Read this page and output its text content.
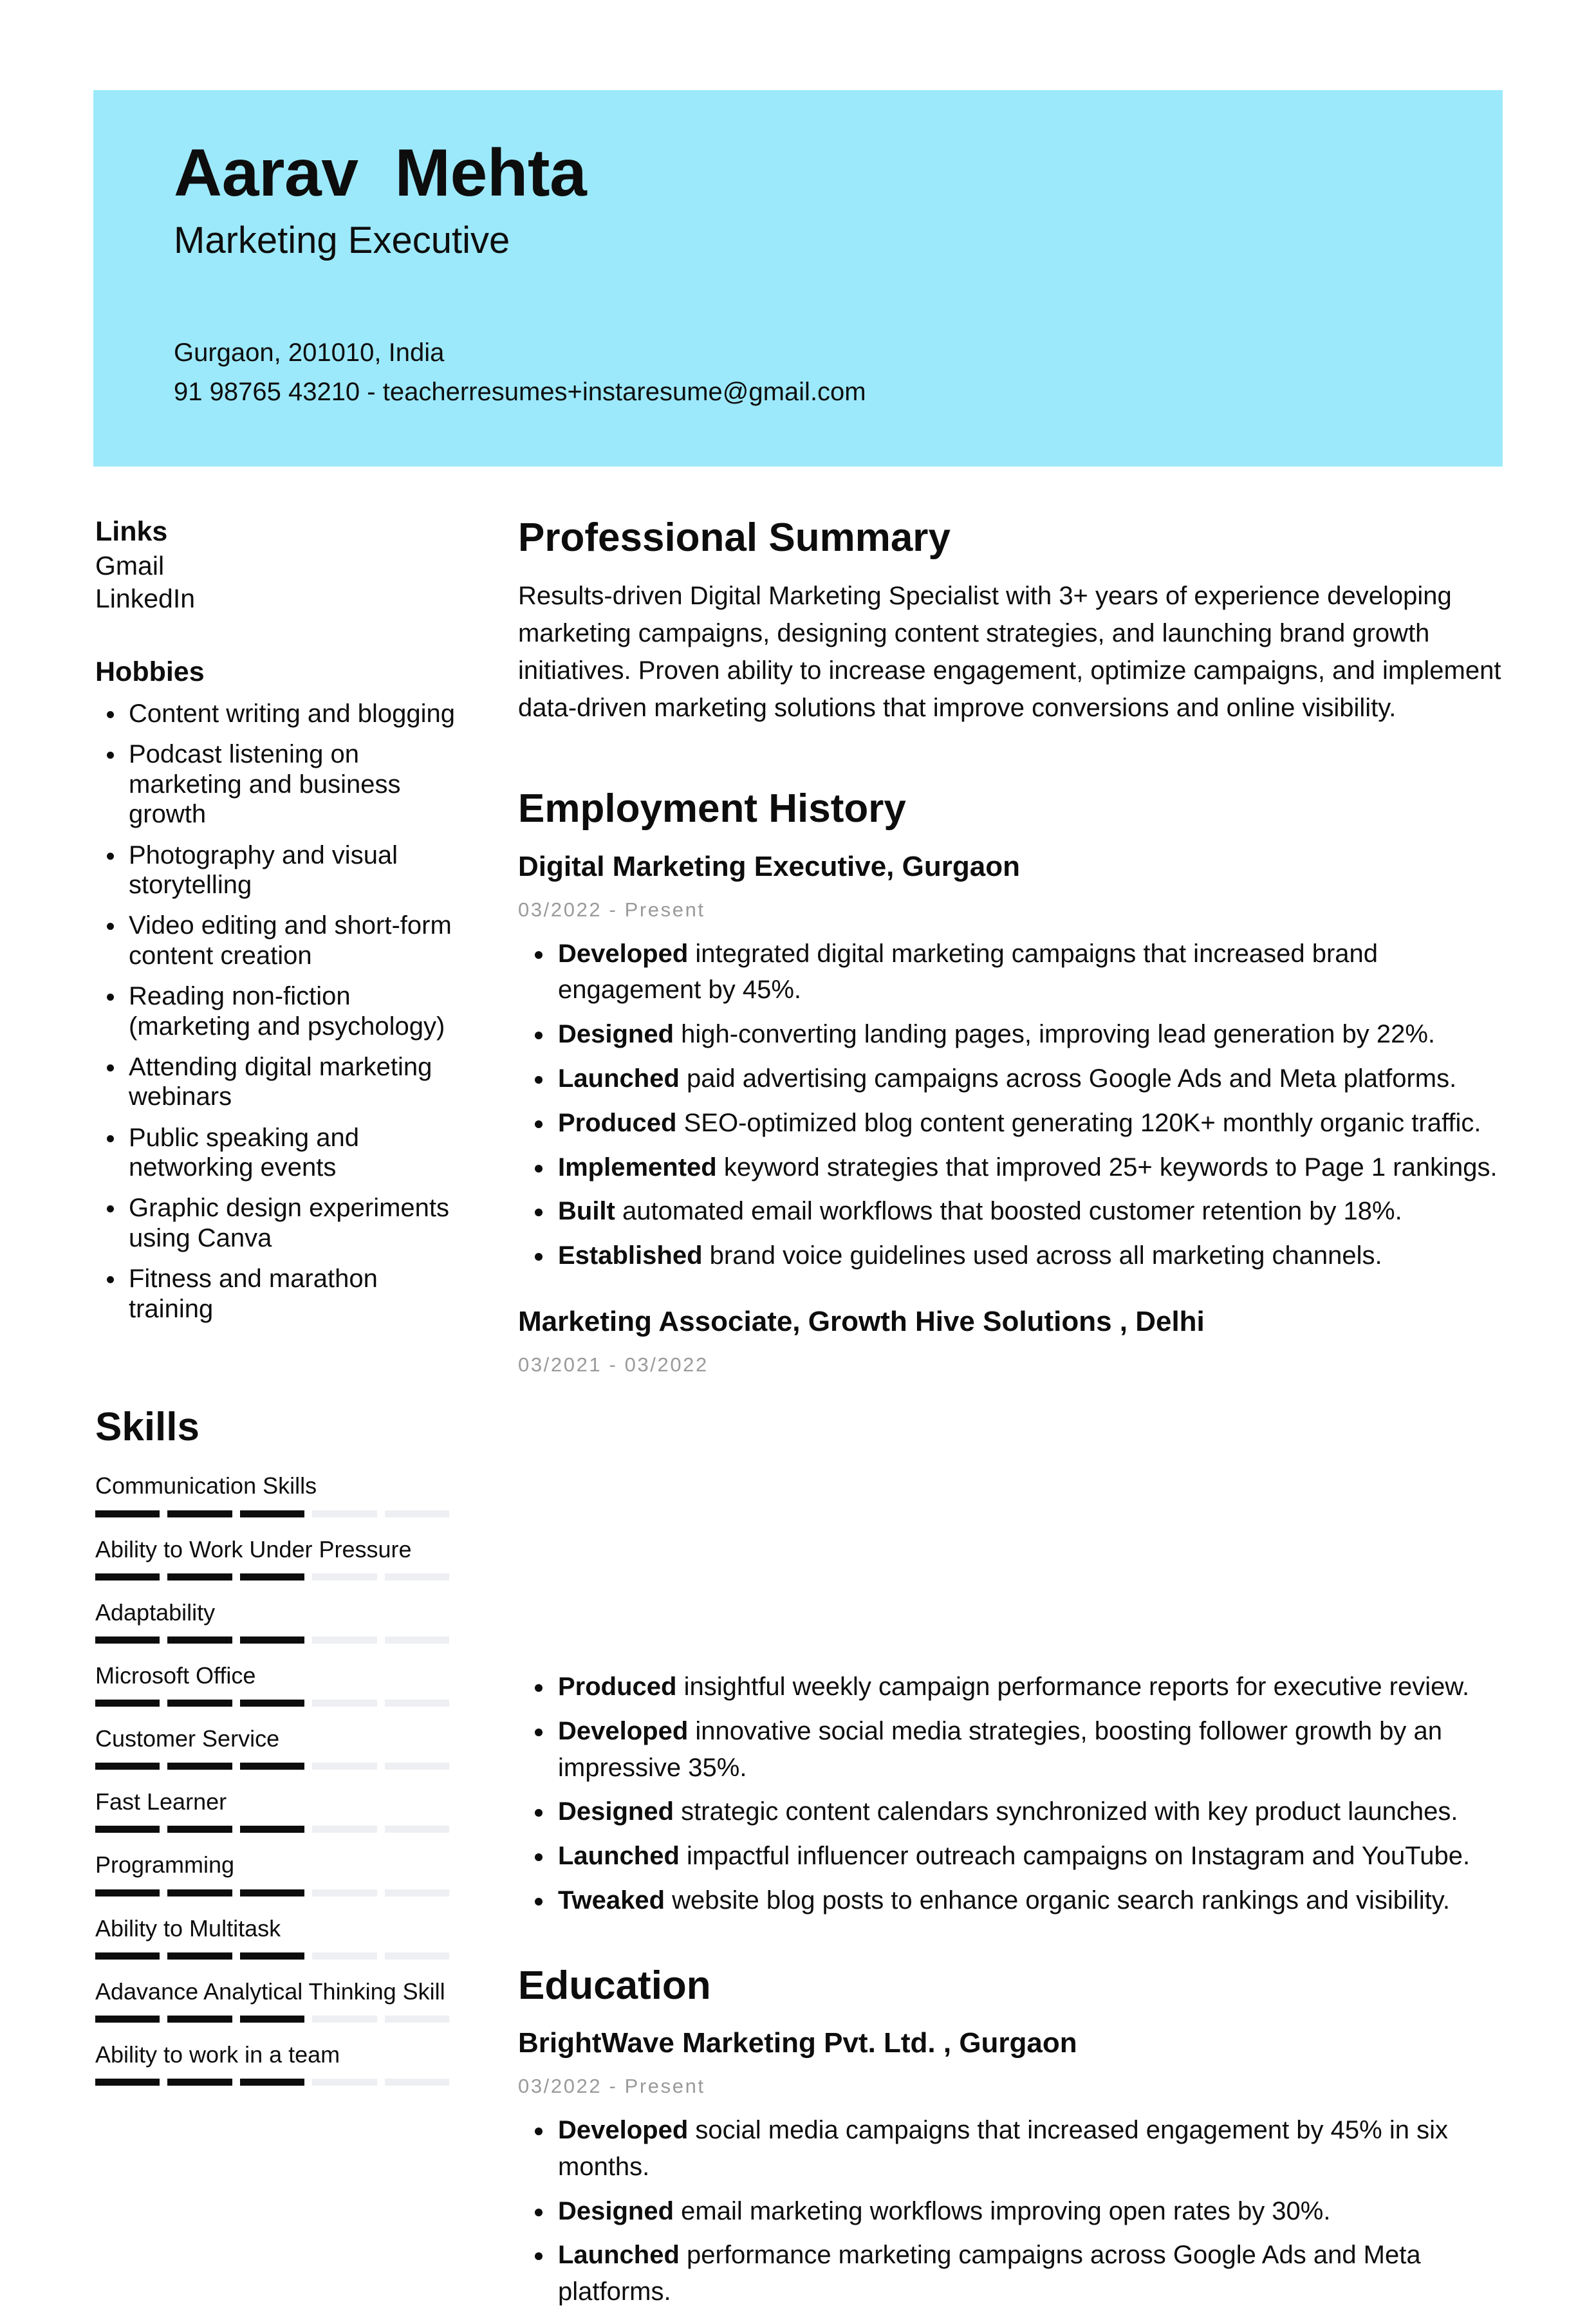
Aarav  Mehta
Marketing Executive
Gurgaon, 201010, India
91 98765 43210 - teacherresumes+instaresume@gmail.com
Links
Gmail
LinkedIn
Hobbies
Content writing and blogging
Podcast listening on marketing and business growth
Photography and visual storytelling
Video editing and short-form content creation
Reading non-fiction (marketing and psychology)
Attending digital marketing webinars
Public speaking and networking events
Graphic design experiments using Canva
Fitness and marathon training
Skills
Communication Skills
Ability to Work Under Pressure
Adaptability
Microsoft Office
Customer Service
Fast Learner
Programming
Ability to Multitask
Adavance Analytical Thinking Skill
Ability to work in a team
Professional Summary

Results-driven Digital Marketing Specialist with 3+ years of experience developing marketing campaigns, designing content strategies, and launching brand growth initiatives. Proven ability to increase engagement, optimize campaigns, and implement data-driven marketing solutions that improve conversions and online visibility.

Employment History
Digital Marketing Executive, Gurgaon
03/2022 - Present
Developed integrated digital marketing campaigns that increased brand engagement by 45%.
Designed high-converting landing pages, improving lead generation by 22%.
Launched paid advertising campaigns across Google Ads and Meta platforms.
Produced SEO-optimized blog content generating 120K+ monthly organic traffic.
Implemented keyword strategies that improved 25+ keywords to Page 1 rankings.
Built automated email workflows that boosted customer retention by 18%.
Established brand voice guidelines used across all marketing channels.
Marketing Associate, Growth Hive Solutions , Delhi
03/2021 - 03/2022
Produced insightful weekly campaign performance reports for executive review.
Developed innovative social media strategies, boosting follower growth by an impressive 35%.
Designed strategic content calendars synchronized with key product launches.
Launched impactful influencer outreach campaigns on Instagram and YouTube.
Tweaked website blog posts to enhance organic search rankings and visibility.
Education
BrightWave Marketing Pvt. Ltd. , Gurgaon
03/2022 - Present
Developed social media campaigns that increased engagement by 45% in six months.
Designed email marketing workflows improving open rates by 30%.
Launched performance marketing campaigns across Google Ads and Meta platforms.
